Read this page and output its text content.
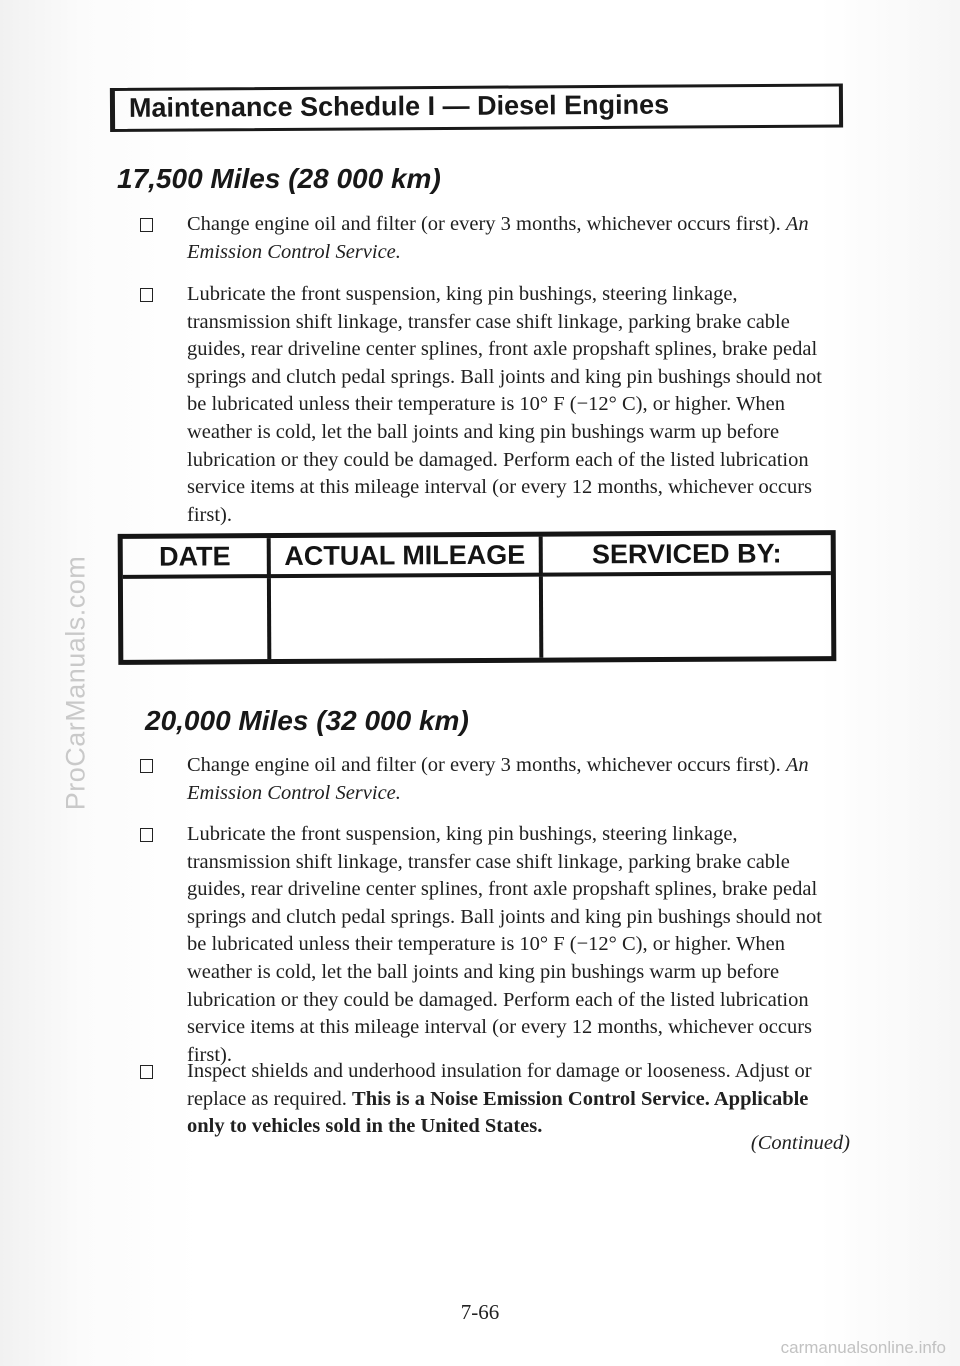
ProCarManuals.com
Maintenance Schedule I — Diesel Engines
17,500 Miles (28 000 km)
Change engine oil and filter (or every 3 months, whichever occurs first). An Emission Control Service.
Lubricate the front suspension, king pin bushings, steering linkage, transmission shift linkage, transfer case shift linkage, parking brake cable guides, rear driveline center splines, front axle propshaft splines, brake pedal springs and clutch pedal springs. Ball joints and king pin bushings should not be lubricated unless their temperature is 10° F (−12° C), or higher. When weather is cold, let the ball joints and king pin bushings warm up before lubrication or they could be damaged. Perform each of the listed lubrication service items at this mileage interval (or every 12 months, whichever occurs first).
DATE	ACTUAL MILEAGE	SERVICED BY:
20,000 Miles (32 000 km)
Change engine oil and filter (or every 3 months, whichever occurs first). An Emission Control Service.
Lubricate the front suspension, king pin bushings, steering linkage, transmission shift linkage, transfer case shift linkage, parking brake cable guides, rear driveline center splines, front axle propshaft splines, brake pedal springs and clutch pedal springs. Ball joints and king pin bushings should not be lubricated unless their temperature is 10° F (−12° C), or higher. When weather is cold, let the ball joints and king pin bushings warm up before lubrication or they could be damaged. Perform each of the listed lubrication service items at this mileage interval (or every 12 months, whichever occurs first).
Inspect shields and underhood insulation for damage or looseness. Adjust or replace as required. This is a Noise Emission Control Service. Applicable only to vehicles sold in the United States.
(Continued)
7-66
carmanualsonline.info
